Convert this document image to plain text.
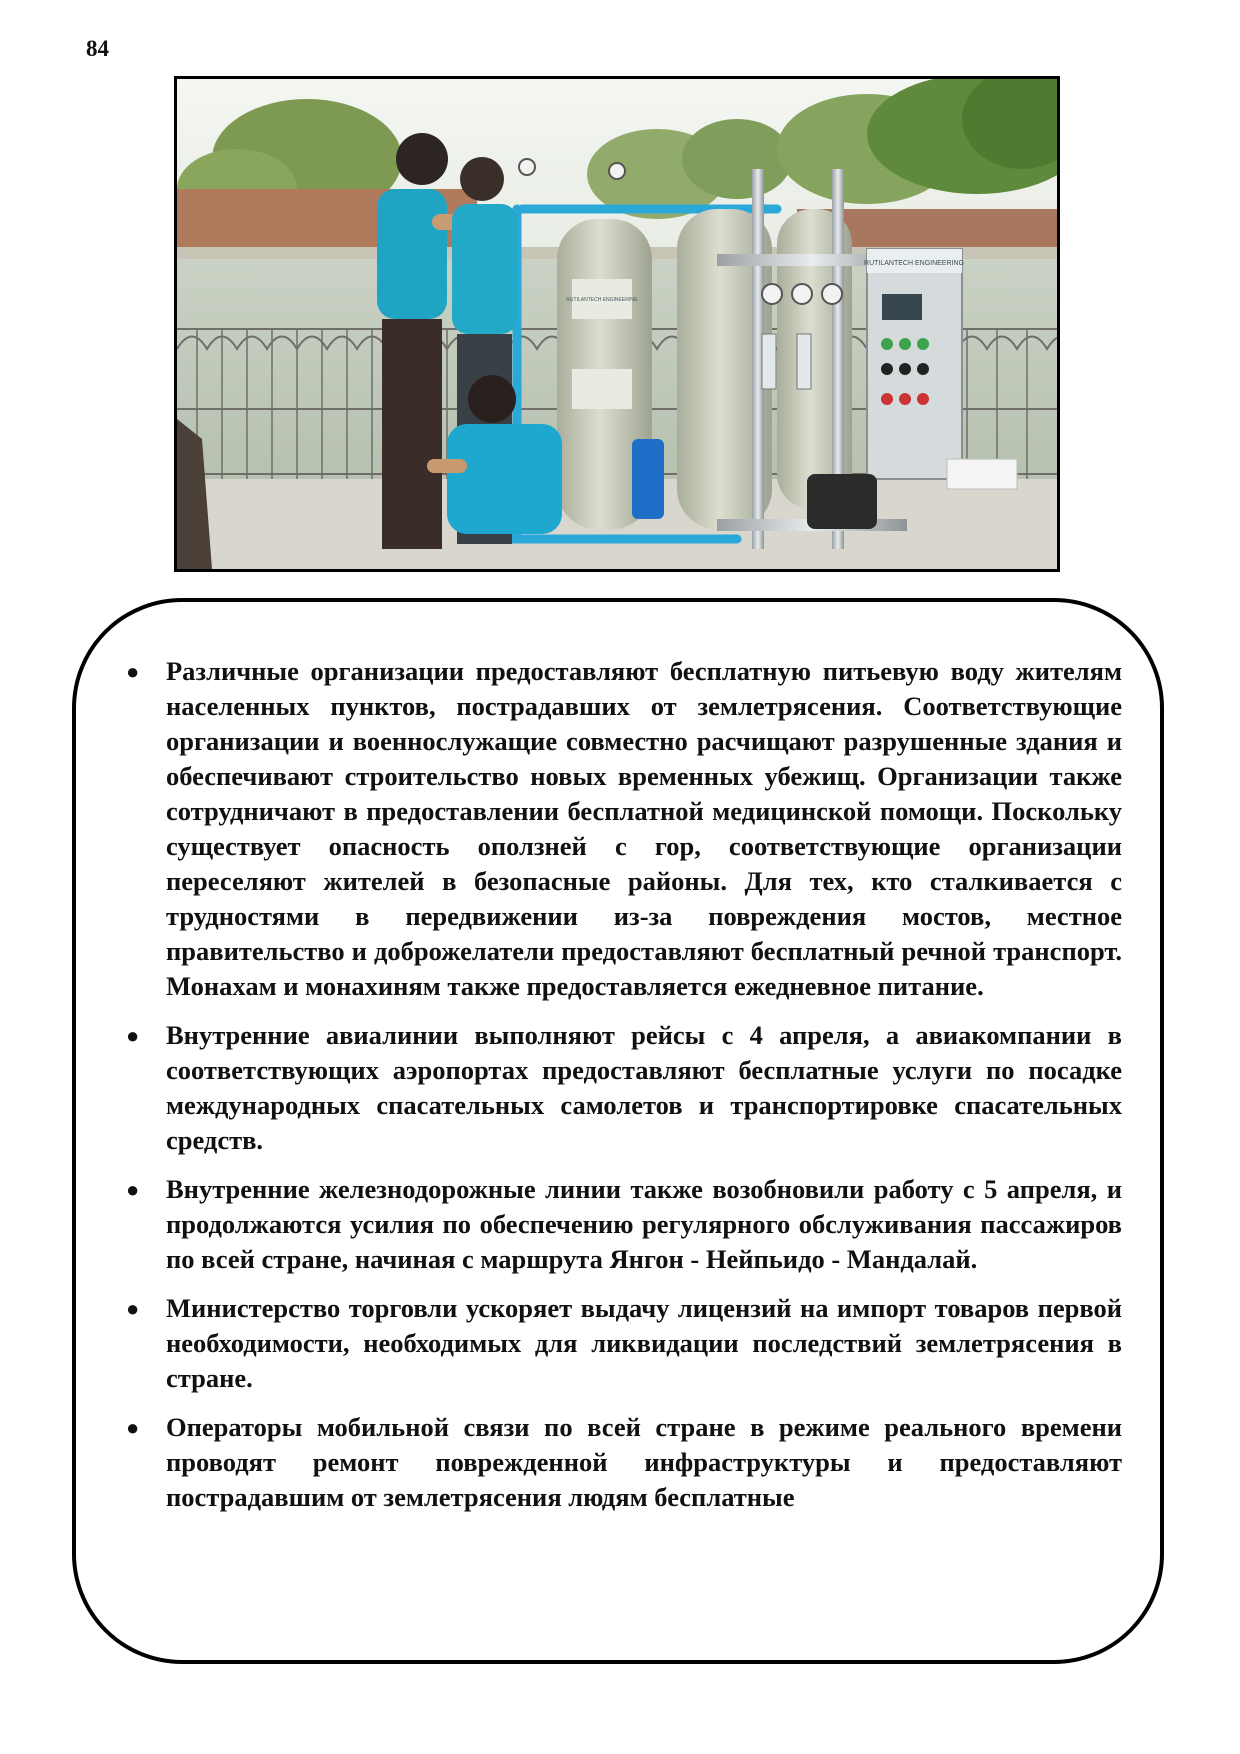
84
RUTILANTECH ENGINEERING
RUTILANTECH ENGINEERING
● Различные организации предоставляют бесплатную питьевую воду жителям населенных пунктов, пострадавших от землетрясения. Соответствующие организации и военнослужащие совместно расчищают разрушенные здания и обеспечивают строительство новых временных убежищ. Организации также сотрудничают в предоставлении бесплатной медицинской помощи. Поскольку существует опасность оползней с гор, соответствующие организации переселяют жителей в безопасные районы. Для тех, кто сталкивается с трудностями в передвижении из-за повреждения мостов, местное правительство и доброжелатели предоставляют бесплатный речной транспорт. Монахам и монахиням также предоставляется ежедневное питание.
● Внутренние авиалинии выполняют рейсы с 4 апреля, а авиакомпании в соответствующих аэропортах предоставляют бесплатные услуги по посадке международных спасательных самолетов и транспортировке спасательных средств.
● Внутренние железнодорожные линии также возобновили работу с 5 апреля, и продолжаются усилия по обеспечению регулярного обслуживания пассажиров по всей стране, начиная с маршрута Янгон - Нейпьидо - Мандалай.
● Министерство торговли ускоряет выдачу лицензий на импорт товаров первой необходимости, необходимых для ликвидации последствий землетрясения в стране.
● Операторы мобильной связи по всей стране в режиме реального времени проводят ремонт поврежденной инфраструктуры и предоставляют пострадавшим от землетрясения людям бесплатные
